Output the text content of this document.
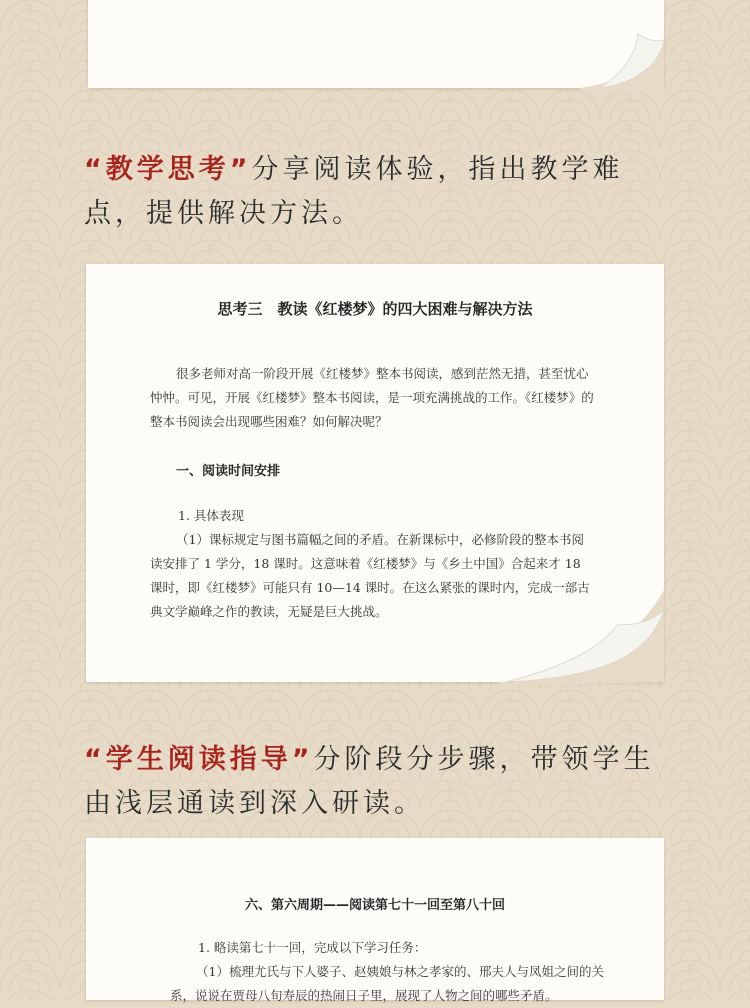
“教学思考”分享阅读体验，指出教学难点，提供解决方法。
思考三　教读《红楼梦》的四大困难与解决方法
很多老师对高一阶段开展《红楼梦》整本书阅读，感到茫然无措，甚至忧心忡忡。可见，开展《红楼梦》整本书阅读，是一项充满挑战的工作。《红楼梦》的整本书阅读会出现哪些困难？如何解决呢？
一、阅读时间安排
1. 具体表现
（1）课标规定与图书篇幅之间的矛盾。在新课标中，必修阶段的整本书阅读安排了 1 学分，18 课时。这意味着《红楼梦》与《乡土中国》合起来才 18 课时，即《红楼梦》可能只有 10—14 课时。在这么紧张的课时内，完成一部古典文学巅峰之作的教读，无疑是巨大挑战。
“学生阅读指导”分阶段分步骤，带领学生由浅层通读到深入研读。
六、第六周期——阅读第七十一回至第八十回
1. 略读第七十一回，完成以下学习任务：
（1）梳理尤氏与下人婆子、赵姨娘与林之孝家的、邢夫人与凤姐之间的关系，说说在贾母八旬寿辰的热闹日子里，展现了人物之间的哪些矛盾。
